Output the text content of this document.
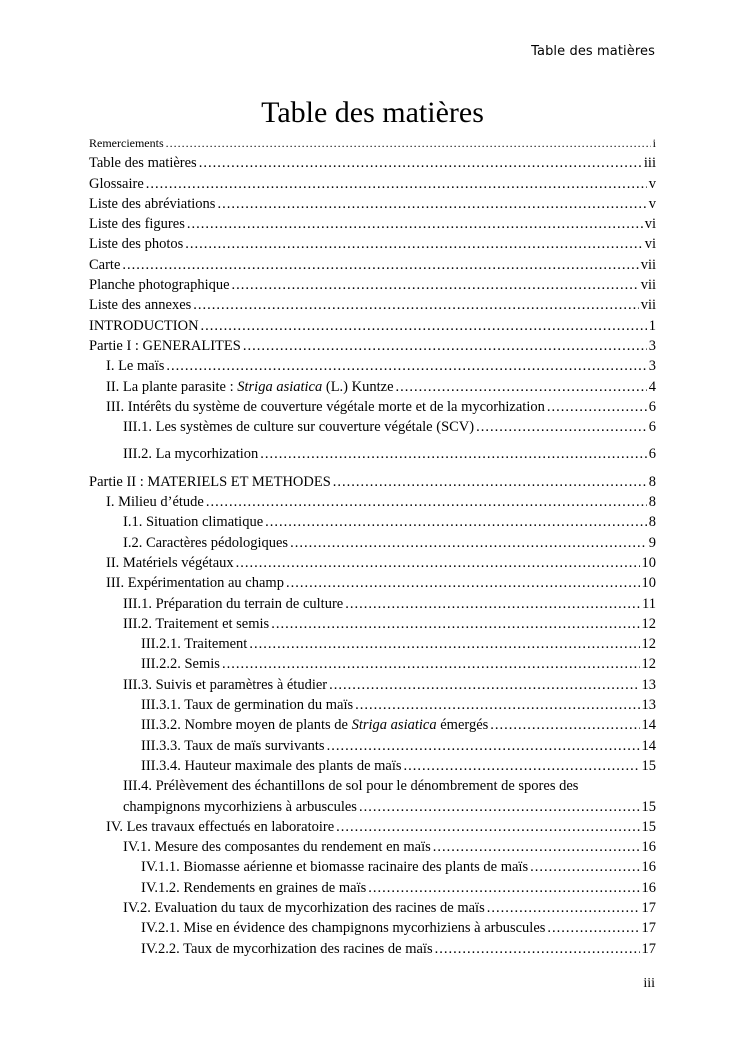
Table des matières
Table des matières
Remerciements .....	i
Table des matières .....	iii
Glossaire .....	v
Liste des abréviations .....	v
Liste des figures .....	vi
Liste des photos .....	vi
Carte .....	vii
Planche photographique .....	vii
Liste des annexes .....	vii
INTRODUCTION .....	1
Partie I : GENERALITES .....	3
I. Le maïs .....	3
II. La plante parasite : Striga asiatica (L.) Kuntze .....	4
III. Intérêts du système de couverture végétale morte et de la mycorhization .....	6
III.1. Les systèmes de culture sur couverture végétale (SCV) .....	6
III.2. La mycorhization .....	6
Partie II : MATERIELS ET METHODES .....	8
I. Milieu d’étude .....	8
I.1. Situation climatique .....	8
I.2. Caractères pédologiques .....	9
II. Matériels végétaux .....	10
III. Expérimentation au champ .....	10
III.1. Préparation du terrain de culture .....	11
III.2. Traitement et semis .....	12
III.2.1. Traitement .....	12
III.2.2. Semis .....	12
III.3. Suivis et paramètres à étudier .....	13
III.3.1. Taux de germination du maïs .....	13
III.3.2. Nombre moyen de plants de Striga asiatica émergés .....	14
III.3.3. Taux de maïs survivants .....	14
III.3.4. Hauteur maximale des plants de maïs .....	15
III.4. Prélèvement des échantillons de sol pour le dénombrement de spores des
champignons mycorhiziens à arbuscules .....	15
IV. Les travaux effectués en laboratoire .....	15
IV.1. Mesure des composantes du rendement en maïs .....	16
IV.1.1. Biomasse aérienne et biomasse racinaire des plants de maïs .....	16
IV.1.2. Rendements en graines de maïs .....	16
IV.2. Evaluation du taux de mycorhization des racines de maïs .....	17
IV.2.1. Mise en évidence des champignons mycorhiziens à arbuscules .....	17
IV.2.2. Taux de mycorhization des racines de maïs .....	17
iii
